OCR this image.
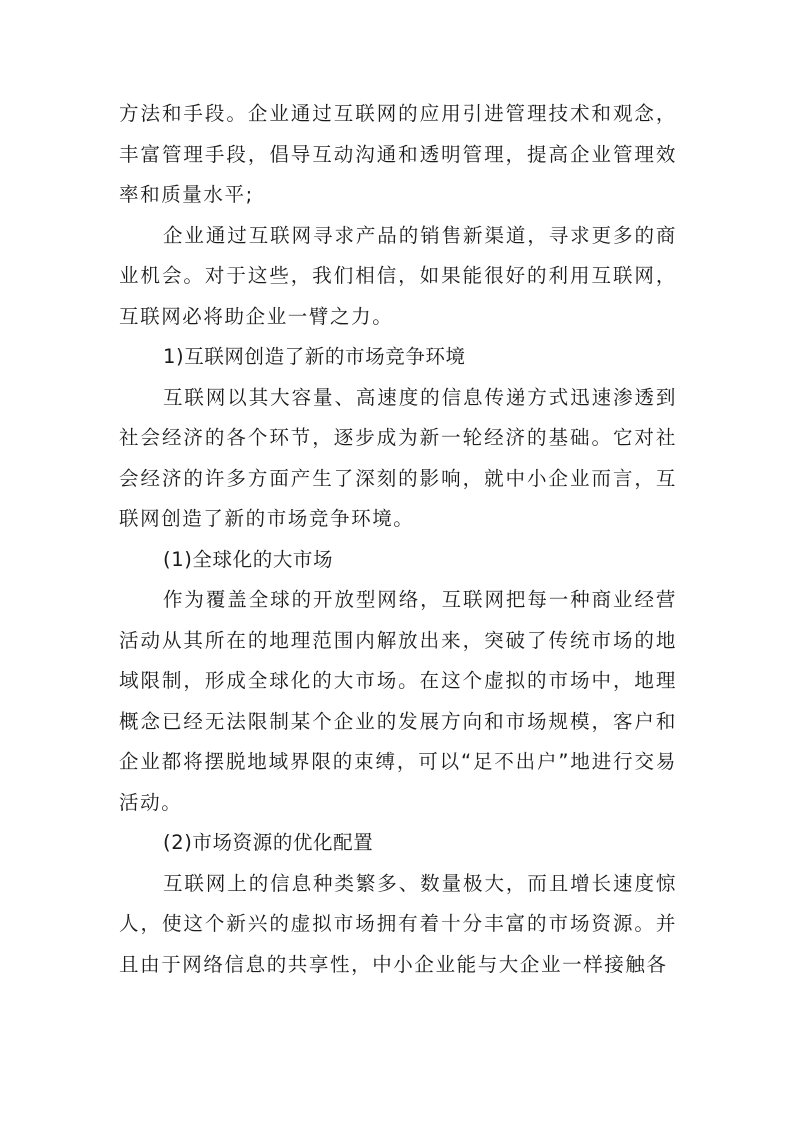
方法和手段。企业通过互联网的应用引进管理技术和观念，丰富管理手段，倡导互动沟通和透明管理，提高企业管理效率和质量水平;

企业通过互联网寻求产品的销售新渠道，寻求更多的商业机会。对于这些，我们相信，如果能很好的利用互联网，互联网必将助企业一臂之力。

1)互联网创造了新的市场竞争环境

互联网以其大容量、高速度的信息传递方式迅速渗透到社会经济的各个环节，逐步成为新一轮经济的基础。它对社会经济的许多方面产生了深刻的影响，就中小企业而言，互联网创造了新的市场竞争环境。

(1)全球化的大市场

作为覆盖全球的开放型网络，互联网把每一种商业经营活动从其所在的地理范围内解放出来，突破了传统市场的地域限制，形成全球化的大市场。在这个虚拟的市场中，地理概念已经无法限制某个企业的发展方向和市场规模，客户和企业都将摆脱地域界限的束缚，可以“足不出户”地进行交易活动。

(2)市场资源的优化配置

互联网上的信息种类繁多、数量极大，而且增长速度惊人，使这个新兴的虚拟市场拥有着十分丰富的市场资源。并且由于网络信息的共享性，中小企业能与大企业一样接触各
